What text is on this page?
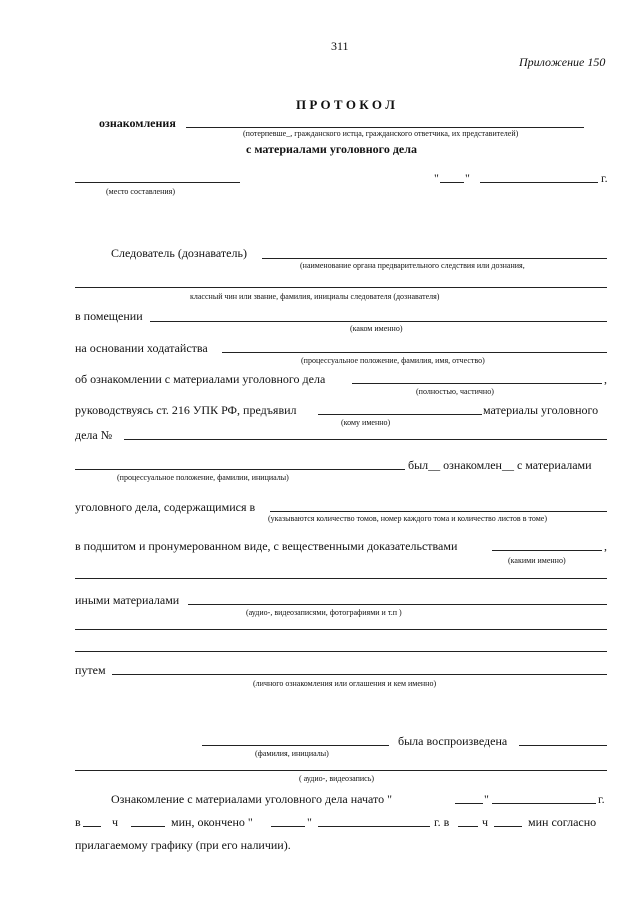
311
Приложение 150
П Р О Т О К О Л
ознакомления
(потерпевше_, гражданского истца, гражданского ответчика, их представителей)
с материалами уголовного дела
(место составления)
" "	г.
Следователь (дознаватель)
(наименование органа предварительного следствия или дознания,
классный чин или звание, фамилия, инициалы следователя (дознавателя)
в помещении
(каком именно)
на основании ходатайства
(процессуальное положение, фамилия, имя, отчество)
об ознакомлении с материалами уголовного дела	,
(полностью, частично)
руководствуясь ст. 216 УПК РФ, предъявил	материалы уголовного
(кому именно)
дела №
был__ ознакомлен__ с материалами
(процессуальное положение, фамилии, инициалы)
уголовного дела, содержащимися в
(указываются количество томов, номер каждого тома и количество листов в томе)
в подшитом и пронумерованном виде, с вещественными доказательствами	,
(какими именно)
иными материалами
(аудио-, видеозаписями, фотографиями и т.п )
путем
(личного ознакомления или оглашения и кем именно)
(фамилия, инициалы)
была воспроизведена
( аудио-, видеозапись)
Ознакомление с материалами уголовного дела начато "	"	г.
в	ч	мин, окончено "	"	г. в	ч	мин согласно
прилагаемому графику (при его наличии).
